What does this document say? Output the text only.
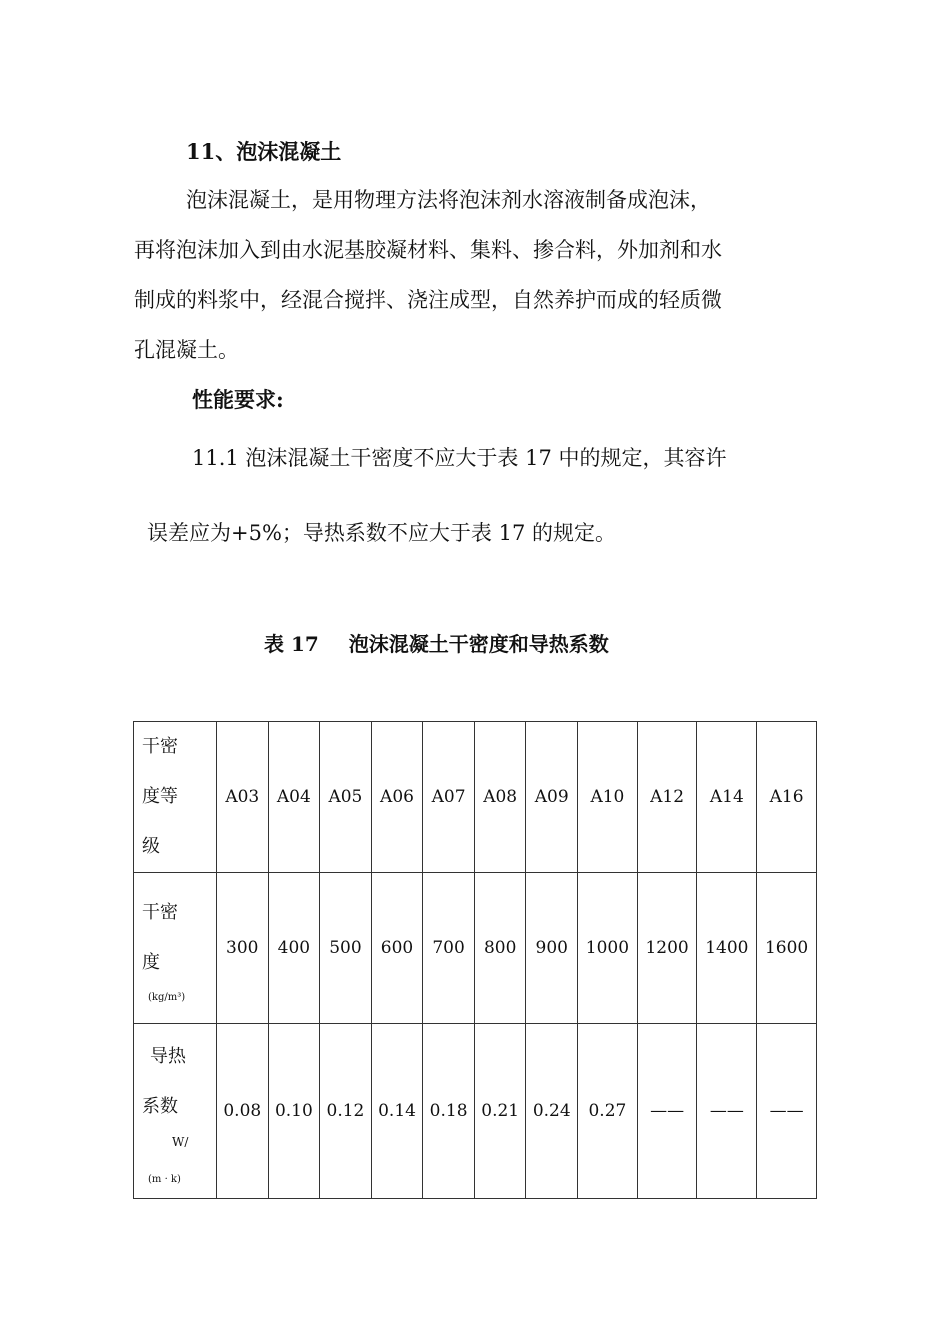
11、泡沫混凝土
泡沫混凝土，是用物理方法将泡沫剂水溶液制备成泡沫，
再将泡沫加入到由水泥基胶凝材料、集料、掺合料，外加剂和水
制成的料浆中，经混合搅拌、浇注成型，自然养护而成的轻质微
孔混凝土。
性能要求:
11.1 泡沫混凝土干密度不应大于表 17 中的规定，其容许
误差应为+5%；导热系数不应大于表 17 的规定。
表 17 泡沫混凝土干密度和导热系数
干密
度等
级	A03	A04	A05	A06	A07	A08	A09	A10	A12	A14	A16

干密
度
(kg/m³)	300	400	500	600	700	800	900	1000	1200	1400	1600

导热
系数
W/
(m · k)	0.08	0.10	0.12	0.14	0.18	0.21	0.24	0.27	——	——	——
